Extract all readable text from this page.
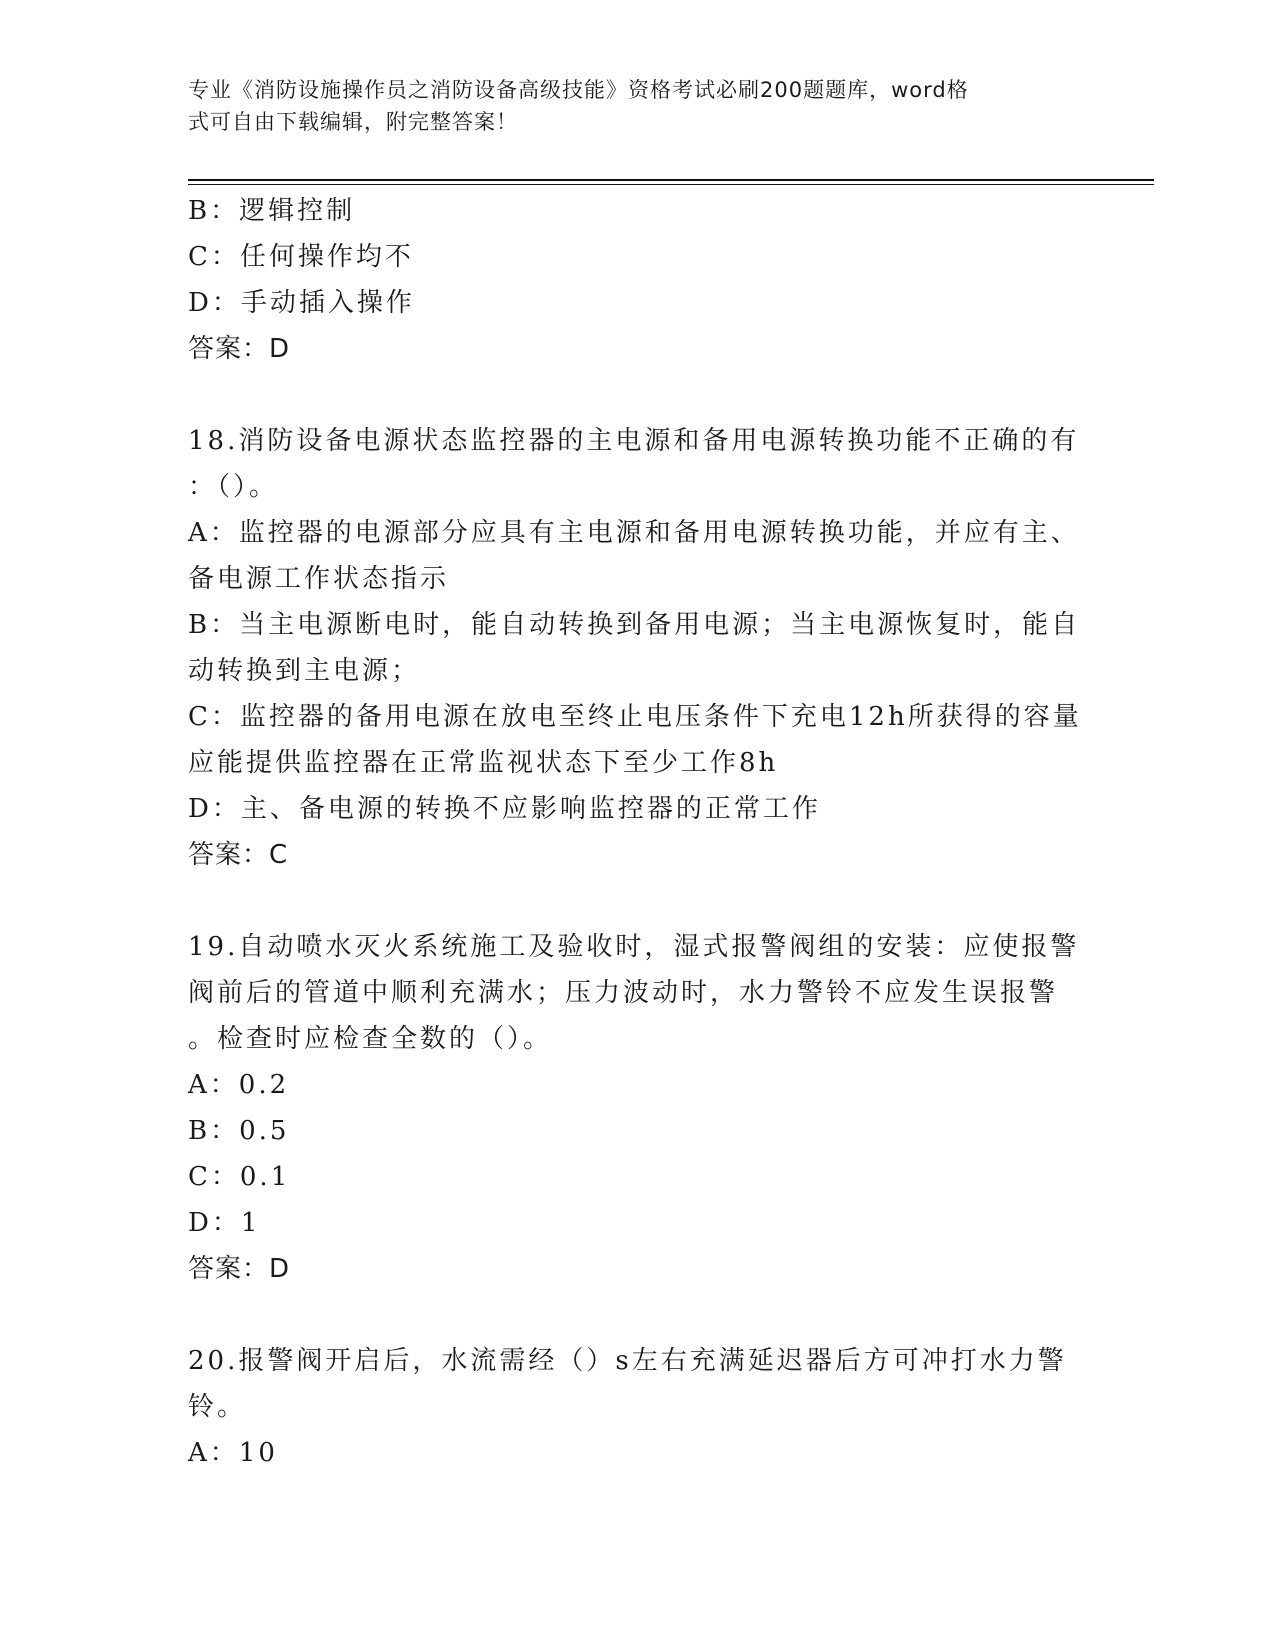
专业《消防设施操作员之消防设备高级技能》资格考试必刷200题题库，word格
式可自由下载编辑，附完整答案！
B：逻辑控制
C：任何操作均不
D：手动插入操作
答案：D
18.消防设备电源状态监控器的主电源和备用电源转换功能不正确的有
：（）。
A：监控器的电源部分应具有主电源和备用电源转换功能，并应有主、
备电源工作状态指示
B：当主电源断电时，能自动转换到备用电源；当主电源恢复时，能自
动转换到主电源；
C：监控器的备用电源在放电至终止电压条件下充电12h所获得的容量
应能提供监控器在正常监视状态下至少工作8h
D：主、备电源的转换不应影响监控器的正常工作
答案：C
19.自动喷水灭火系统施工及验收时，湿式报警阀组的安装：应使报警
阀前后的管道中顺利充满水；压力波动时，水力警铃不应发生误报警
。检查时应检查全数的（）。
A：0.2
B：0.5
C：0.1
D：1
答案：D
20.报警阀开启后，水流需经（）s左右充满延迟器后方可冲打水力警
铃。
A：10
